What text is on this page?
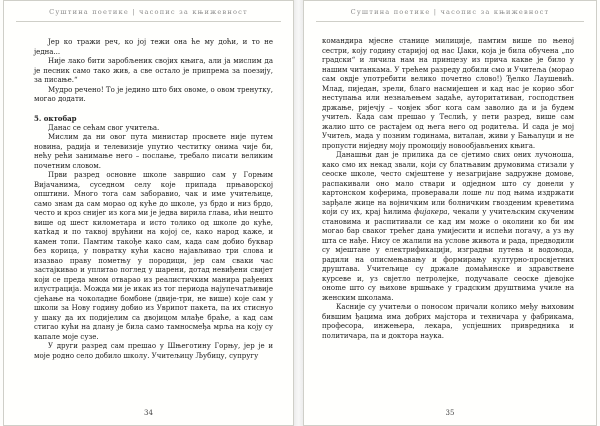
Суштина поетике | часопис за књижевност

Јер ко тражи реч, ко јој тежи она ће му доћи, и то не једна...

Није лако бити заробљеник својих књига, али ја мислим да је песник само тако жив, а све остало је припрема за поезију, за писање.“

Мудро речено! То је једино што бих овоме, о овом тренутку, могао додати.

5. октобар

Данас се сећам свог учитеља.

Мислим да ни овог пута министар просвете није путем новина, радија и телевизије упутио честитку онима чије би, нећу рећи занимање него – послање, требало писати великим почетним словом.

Први разред основне школе завршио сам у Горњим Вијачанима, суседном селу које припада прњаворској општини. Много тога сам заборавио, чак и име учитељице, само знам да сам морао од куће до школе, уз брдо и низ брдо, често и кроз снијег из кога ми је једва вирила глава, ићи нешто више од шест километара и исто толико од школе до куће, катkад и по таквој врућини на којој се, како народ каже, и камен топи. Памтим такође како сам, када сам добио буквар без корица, у повратку кући касно најављивао три слова и изазвао праву пометњу у породици, јер сам сваки час застајкивао и уплитао поглед у шарени, дотад невиђени свијет који се преда мном отварао из реалистичким манира рађених илустрација. Можда ми је икак из тог периода најупечатљивије сјећање на чоколадне бомбоне (двије-три, не више) које сам у школи за Нову годину добио из Уврипот пакета, па их стиснуо у шаку да их подијелим са двојицом млађе браће, а кад сам стигао кући на длану је била само тамносмеђа мрља на коју су капале моје сузе.

У други разред сам прешао у Шњеготину Горњу, јер је и моје родно село добило школу. Учитељицу Љубицу, супругу

34
Суштина поетике | часопис за књижевност

командира мјесне станице милиције, памтим више по њеној сестри, коју годину старијој од нас Џаки, која је била обучена „по градски“ и личила нам на принцезу из прича какве је било у нашим читанкама. У трећем разреду добили смо и Учитеља (морао сам овдје употребити велико почетно слово!) Ђелко Лаушевић. Млад, пиједан, зрели, благо насмијешен и кад нас је корио због неступања или незнаљењем задаће, ауторитативан, господствен држање, ријечју – човјек због кога сам заволио да и ја будем учитељ. Када сам прешао у Теслић, у пети разред, више сам жалио што се растајем од њега него од родитеља. И сада је мој Учитељ, мада у позним годинама, виталан, живи у Бањалуци и не пропусти ниједну моју промоцију новообјављених књига.

Данашњи дан је прилика да се сјетимо свих оних лучоноша, како смо их некад звали, који су блатњавим друмовима стизали у сеоске школе, често смјештене у незагријане задружне домове, распакивали оно мало ствари и одједном што су донели у картонском коферима, проверавали лоше пи под њима издржати зарђале жице на војничким или болничким гвозденим креветима који су их, крај ћилима фијакера, чекали у учитељским скученим становима и распитивали се кад им може о околини ко би им могао бар сваког трећег дана умијесити и испећи погачу, а уз њу шта се нађе. Нису се жалили на услове живота и рада, предводили су мјештане у електрификацији, изградњи путева и водовода, радили на описмењавању и формирању културно-просвјетних друштава. Учитељице су држале домаћинске и здравствене курсеве и, уз свјетло петролејке, подучавале сеоске дјевојке онome што су њихове вршњакe у градским друштвима училе на женским школама.

Касније су учитељи о поносом причали колико међу њиховим бившим ђацима има добрих мајстора и техничара у фабрикама, професора, инжењера, лекара, успјешних привредника и политичара, па и доктора наука.

35
